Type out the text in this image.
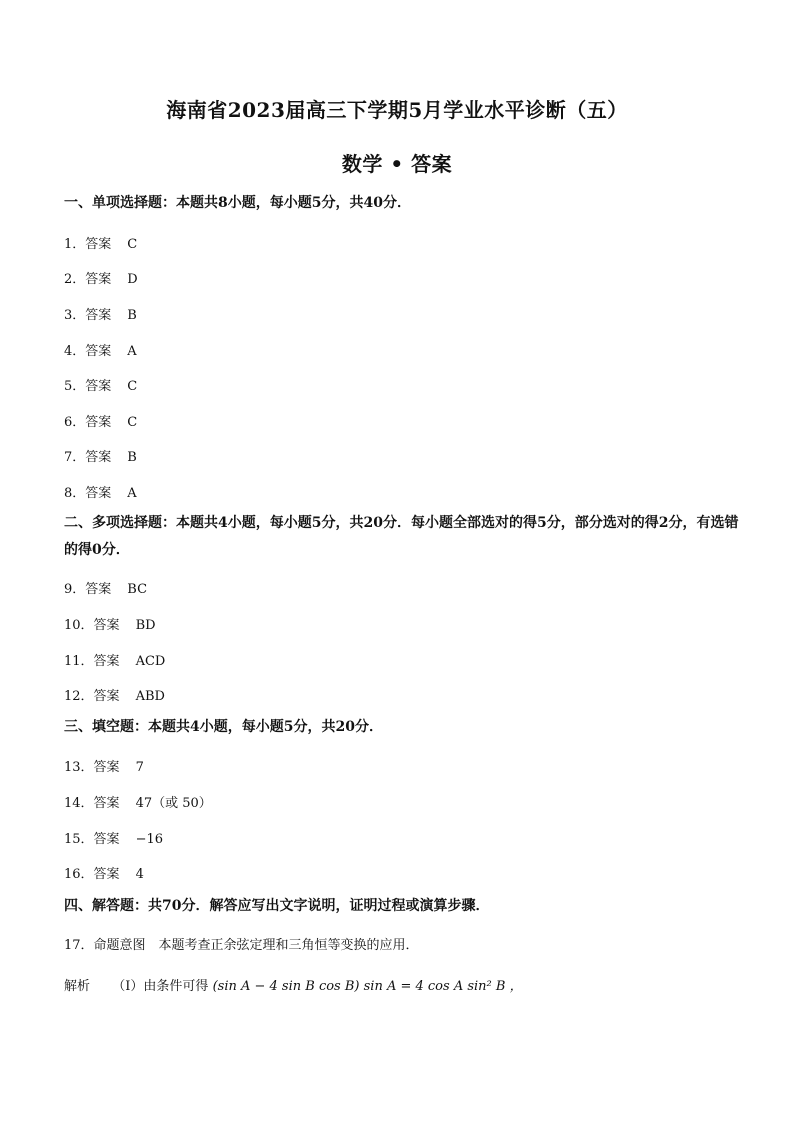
海南省2023届高三下学期5月学业水平诊断（五）
数学 • 答案
一、单项选择题：本题共8小题，每小题5分，共40分．
1．答案 C
2．答案 D
3．答案 B
4．答案 A
5．答案 C
6．答案 C
7．答案 B
8．答案 A
二、多项选择题：本题共4小题，每小题5分，共20分．每小题全部选对的得5分，部分选对的得2分，有选错的得0分．
9．答案 BC
10．答案 BD
11．答案 ACD
12．答案 ABD
三、填空题：本题共4小题，每小题5分，共20分．
13．答案 7
14．答案 47（或 50）
15．答案 −16
16．答案 4
四、解答题：共70分．解答应写出文字说明，证明过程或演算步骤．
17．命题意图　本题考查正余弦定理和三角恒等变换的应用．
解析 （Ⅰ）由条件可得 (sin A − 4 sin B cos B) sin A = 4 cos A sin² B ，
